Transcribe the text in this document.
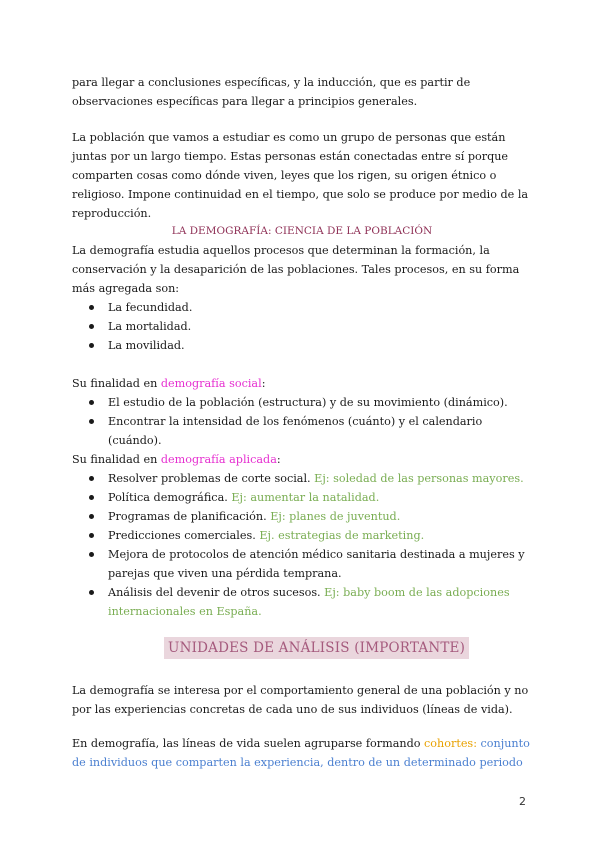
para llegar a conclusiones específicas, y la inducción, que es partir de observaciones específicas para llegar a principios generales.

La población que vamos a estudiar es como un grupo de personas que están juntas por un largo tiempo. Estas personas están conectadas entre sí porque comparten cosas como dónde viven, leyes que los rigen, su origen étnico o religioso. Impone continuidad en el tiempo, que solo se produce por medio de la reproducción.

LA DEMOGRAFÍA: CIENCIA DE LA POBLACIÓN

La demografía estudia aquellos procesos que determinan la formación, la conservación y la desaparición de las poblaciones. Tales procesos, en su forma más agregada son:

La fecundidad.
La mortalidad.
La movilidad.

Su finalidad en demografía social:

El estudio de la población (estructura) y de su movimiento (dinámico).
Encontrar la intensidad de los fenómenos (cuánto) y el calendario (cuándo).

Su finalidad en demografía aplicada:

Resolver problemas de corte social. Ej: soledad de las personas mayores.
Política demográfica. Ej: aumentar la natalidad.
Programas de planificación. Ej: planes de juventud.
Predicciones comerciales. Ej. estrategias de marketing.
Mejora de protocolos de atención médico sanitaria destinada a mujeres y parejas que viven una pérdida temprana.
Análisis del devenir de otros sucesos. Ej: baby boom de las adopciones internacionales en España.
UNIDADES DE ANÁLISIS (IMPORTANTE)

La demografía se interesa por el comportamiento general de una población y no por las experiencias concretas de cada uno de sus individuos (líneas de vida).

En demografía, las líneas de vida suelen agruparse formando cohortes: conjunto de individuos que comparten la experiencia, dentro de un determinado periodo

2
